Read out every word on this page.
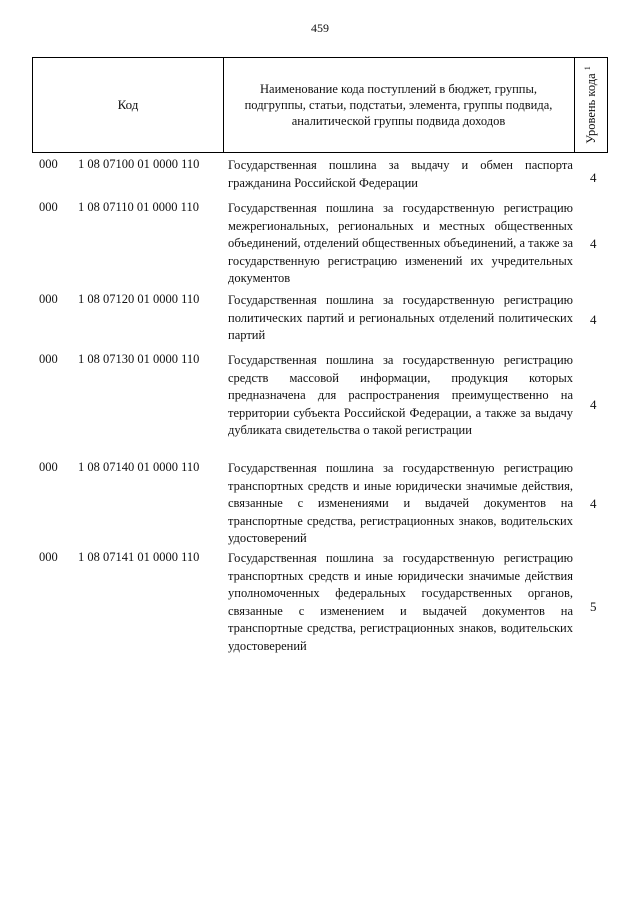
459
Код
Наименование кода поступлений в бюджет, группы, подгруппы, статьи, подстатьи, элемента, группы подвида, аналитической группы подвида доходов	Уровень кода $^1$
000 1 08 07100 01 0000 110 Государственная пошлина за выдачу и обмен паспорта гражданина Российской Федерации	4
000 1 08 07110 01 0000 110 Государственная пошлина за государственную регистрацию межрегиональных, региональных и местных общественных объединений, отделений общественных объединений, а также за государственную регистрацию изменений их учредительных документов
4
000 1 08 07120 01 0000 110 Государственная пошлина за государственную регистрацию политических партий и региональных отделений политических партий
4
000 1 08 07130 01 0000 110 Государственная пошлина за государственную регистрацию средств массовой информации, продукция которых предназначена для распространения преимущественно на территории субъекта Российской Федерации, а также за выдачу дубликата свидетельства о такой регистрации
4
000 1 08 07140 01 0000 110 Государственная пошлина за государственную регистрацию транспортных средств и иные юридически значимые действия, связанные с изменениями и выдачей документов на транспортные средства, регистрационных знаков, водительских удостоверений
4
000 1 08 07141 01 0000 110 Государственная пошлина за государственную регистрацию транспортных средств и иные юридически значимые действия уполномоченных федеральных государственных органов, связанные с изменением и выдачей документов на транспортные средства, регистрационных знаков, водительских удостоверений
5
